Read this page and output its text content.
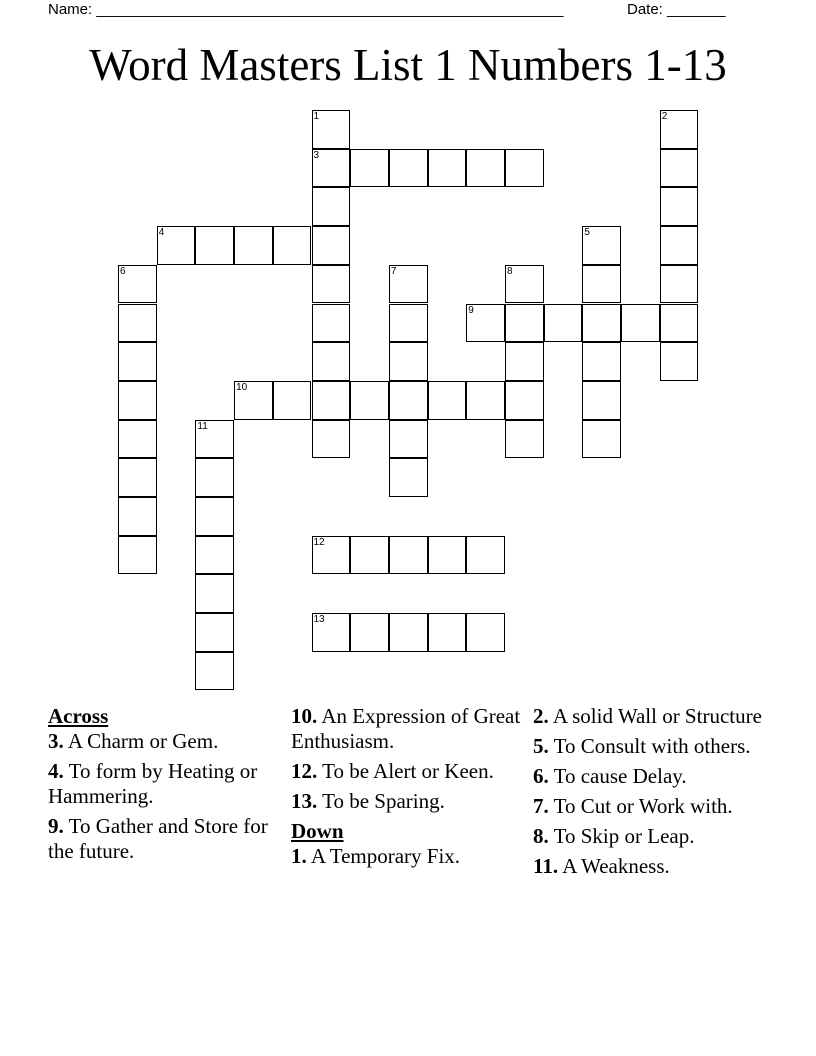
Name: ________________________________________________________	Date: _______
Word Masters List 1 Numbers 1-13
1
3
2
4	5
6	7	8
9
10
11
12
13
Across
3. A Charm or Gem.
4. To form by Heating or Hammering.
9. To Gather and Store for the future.
10. An Expression of Great Enthusiasm.
12. To be Alert or Keen.
13. To be Sparing.
Down
1. A Temporary Fix.
2. A solid Wall or Structure
5. To Consult with others.
6. To cause Delay.
7. To Cut or Work with.
8. To Skip or Leap.
11. A Weakness.
